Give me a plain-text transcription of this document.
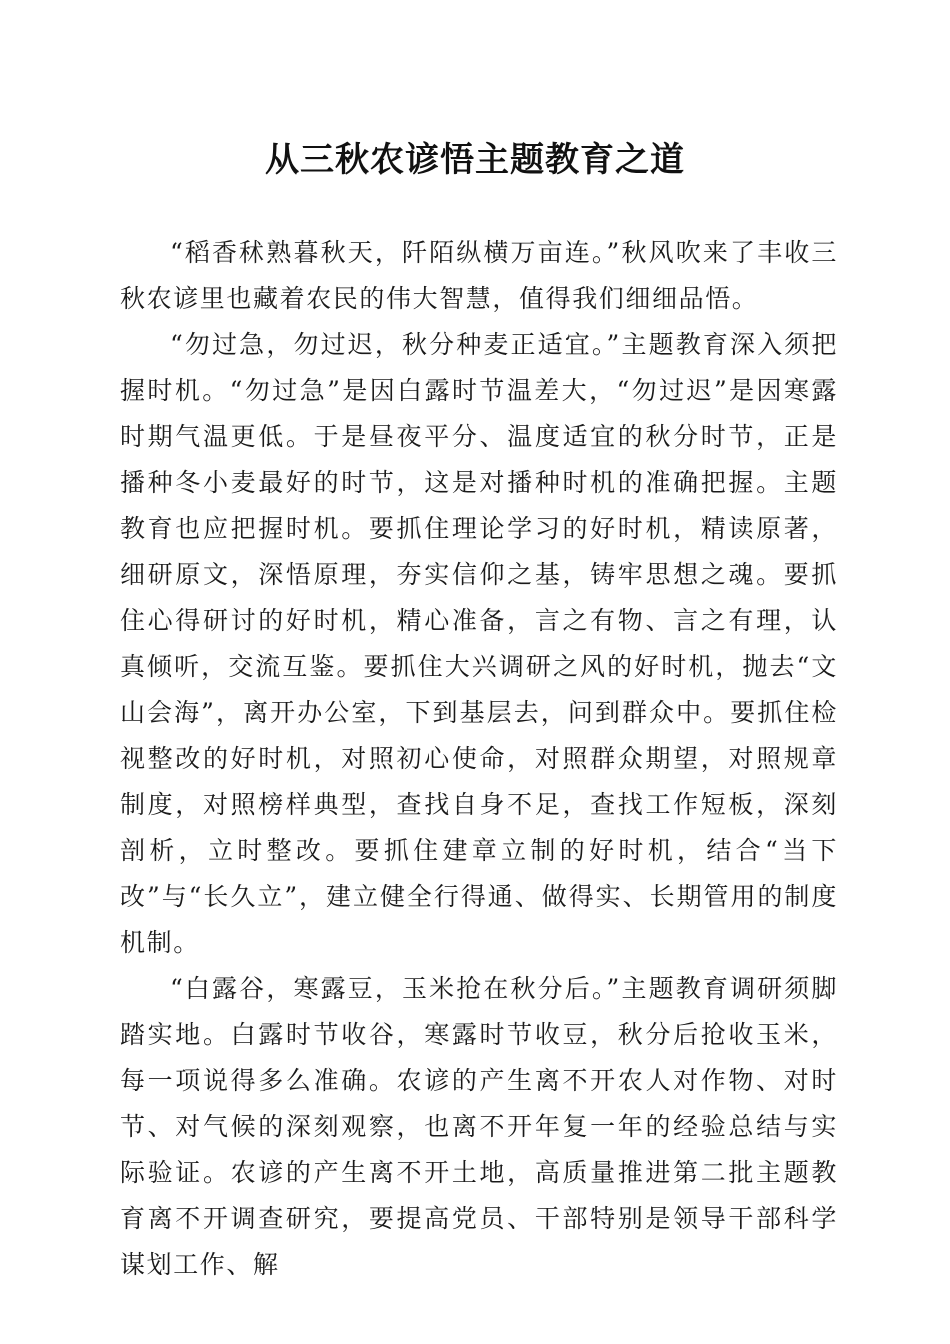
从三秋农谚悟主题教育之道

“稻香秫熟暮秋天，阡陌纵横万亩连。”秋风吹来了丰收三秋农谚里也藏着农民的伟大智慧，值得我们细细品悟。

“勿过急，勿过迟，秋分种麦正适宜。”主题教育深入须把握时机。“勿过急”是因白露时节温差大，“勿过迟”是因寒露时期气温更低。于是昼夜平分、温度适宜的秋分时节，正是播种冬小麦最好的时节，这是对播种时机的准确把握。主题教育也应把握时机。要抓住理论学习的好时机，精读原著，细研原文，深悟原理，夯实信仰之基，铸牢思想之魂。要抓住心得研讨的好时机，精心准备，言之有物、言之有理，认真倾听，交流互鉴。要抓住大兴调研之风的好时机，抛去“文山会海”，离开办公室，下到基层去，问到群众中。要抓住检视整改的好时机，对照初心使命，对照群众期望，对照规章制度，对照榜样典型，查找自身不足，查找工作短板，深刻剖析，立时整改。要抓住建章立制的好时机，结合“当下改”与“长久立”，建立健全行得通、做得实、长期管用的制度机制。

“白露谷，寒露豆，玉米抢在秋分后。”主题教育调研须脚踏实地。白露时节收谷，寒露时节收豆，秋分后抢收玉米，每一项说得多么准确。农谚的产生离不开农人对作物、对时节、对气候的深刻观察，也离不开年复一年的经验总结与实际验证。农谚的产生离不开土地，高质量推进第二批主题教育离不开调查研究，要提高党员、干部特别是领导干部科学谋划工作、解
